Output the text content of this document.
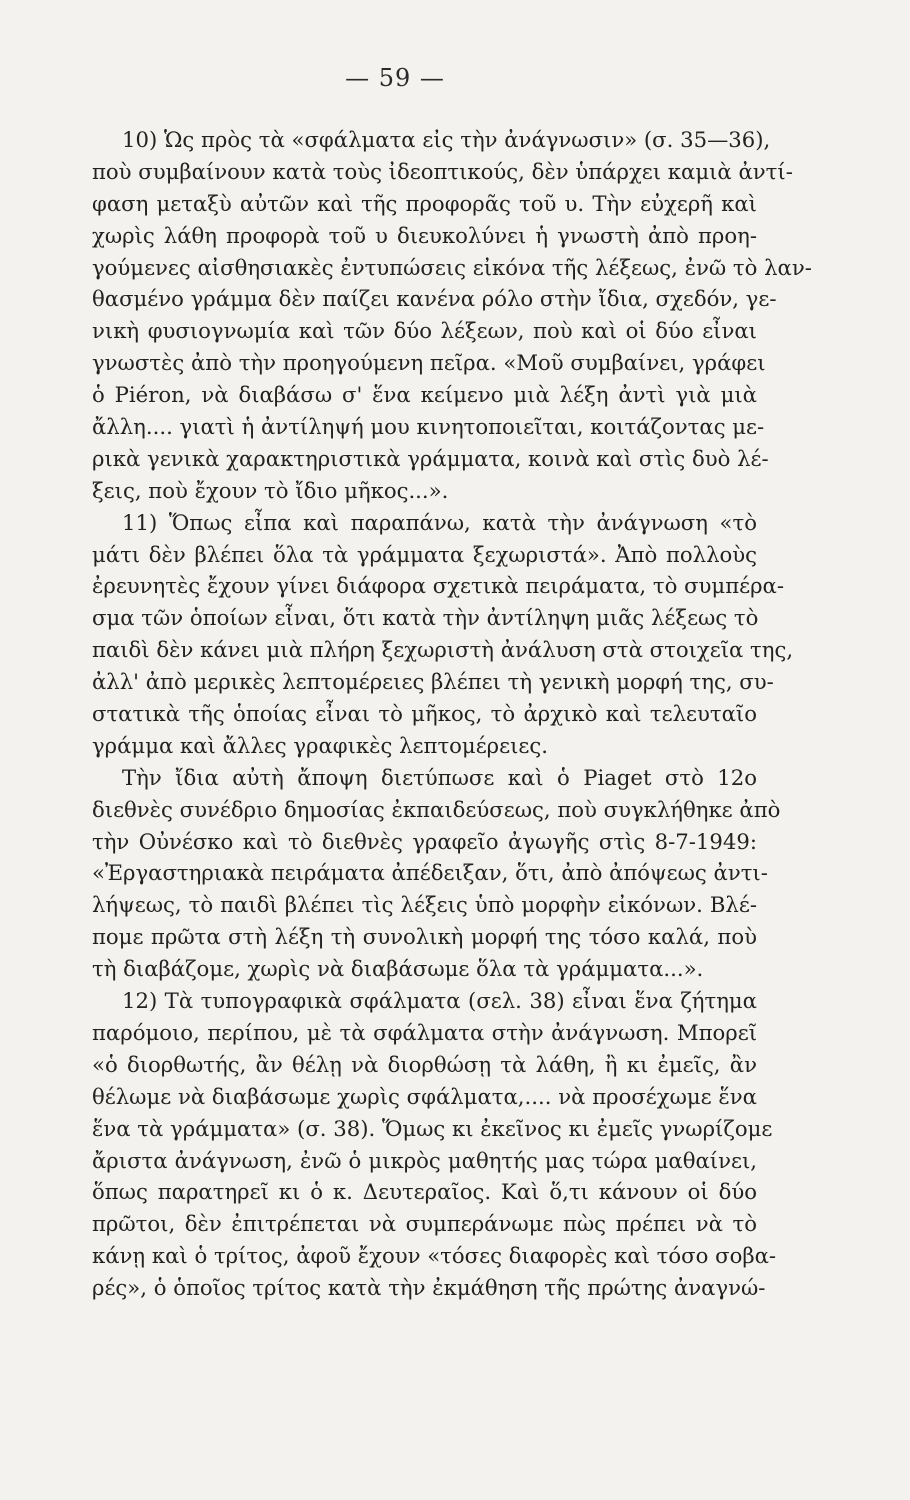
— 59 —
10) Ὡς πρὸς τὰ «σφάλματα εἰς τὴν ἀνάγνωσιν» (σ. 35—36),
ποὺ συμβαίνουν κατὰ τοὺς ἰδεοπτικούς, δὲν ὑπάρχει καμιὰ ἀντί-
φαση μεταξὺ αὐτῶν καὶ τῆς προφορᾶς τοῦ υ. Τὴν εὐχερῆ καὶ
χωρὶς λάθη προφορὰ τοῦ υ διευκολύνει ἡ γνωστὴ ἀπὸ προη-
γούμενες αἰσθησιακὲς ἐντυπώσεις εἰκόνα τῆς λέξεως, ἐνῶ τὸ λαν-
θασμένο γράμμα δὲν παίζει κανένα ρόλο στὴν ἴδια, σχεδόν, γε-
νικὴ φυσιογνωμία καὶ τῶν δύο λέξεων, ποὺ καὶ οἱ δύο εἶναι
γνωστὲς ἀπὸ τὴν προηγούμενη πεῖρα. «Μοῦ συμβαίνει, γράφει
ὁ Piéron, νὰ διαβάσω σ' ἕνα κείμενο μιὰ λέξη ἀντὶ γιὰ μιὰ
ἄλλη.... γιατὶ ἡ ἀντίληψή μου κινητοποιεῖται, κοιτάζοντας με-
ρικὰ γενικὰ χαρακτηριστικὰ γράμματα, κοινὰ καὶ στὶς δυὸ λέ-
ξεις, ποὺ ἔχουν τὸ ἴδιο μῆκος...».
11) Ὅπως εἶπα καὶ παραπάνω, κατὰ τὴν ἀνάγνωση «τὸ
μάτι δὲν βλέπει ὅλα τὰ γράμματα ξεχωριστά». Ἀπὸ πολλοὺς
ἐρευνητὲς ἔχουν γίνει διάφορα σχετικὰ πειράματα, τὸ συμπέρα-
σμα τῶν ὁποίων εἶναι, ὅτι κατὰ τὴν ἀντίληψη μιᾶς λέξεως τὸ
παιδὶ δὲν κάνει μιὰ πλήρη ξεχωριστὴ ἀνάλυση στὰ στοιχεῖα της,
ἀλλ' ἀπὸ μερικὲς λεπτομέρειες βλέπει τὴ γενικὴ μορφή της, συ-
στατικὰ τῆς ὁποίας εἶναι τὸ μῆκος, τὸ ἀρχικὸ καὶ τελευταῖο
γράμμα καὶ ἄλλες γραφικὲς λεπτομέρειες.
Τὴν ἴδια αὐτὴ ἄποψη διετύπωσε καὶ ὁ Piaget στὸ 12ο
διεθνὲς συνέδριο δημοσίας ἐκπαιδεύσεως, ποὺ συγκλήθηκε ἀπὸ
τὴν Οὐνέσκο καὶ τὸ διεθνὲς γραφεῖο ἀγωγῆς στὶς 8-7-1949:
«Ἐργαστηριακὰ πειράματα ἀπέδειξαν, ὅτι, ἀπὸ ἀπόψεως ἀντι-
λήψεως, τὸ παιδὶ βλέπει τὶς λέξεις ὑπὸ μορφὴν εἰκόνων. Βλέ-
πομε πρῶτα στὴ λέξη τὴ συνολικὴ μορφή της τόσο καλά, ποὺ
τὴ διαβάζομε, χωρὶς νὰ διαβάσωμε ὅλα τὰ γράμματα...».
12) Τὰ τυπογραφικὰ σφάλματα (σελ. 38) εἶναι ἕνα ζήτημα
παρόμοιο, περίπου, μὲ τὰ σφάλματα στὴν ἀνάγνωση. Μπορεῖ
«ὁ διορθωτής, ἂν θέλῃ νὰ διορθώσῃ τὰ λάθη, ἢ κι ἐμεῖς, ἂν
θέλωμε νὰ διαβάσωμε χωρὶς σφάλματα,.... νὰ προσέχωμε ἕνα
ἕνα τὰ γράμματα» (σ. 38). Ὅμως κι ἐκεῖνος κι ἐμεῖς γνωρίζομε
ἄριστα ἀνάγνωση, ἐνῶ ὁ μικρὸς μαθητής μας τώρα μαθαίνει,
ὅπως παρατηρεῖ κι ὁ κ. Δευτεραῖος. Καὶ ὅ,τι κάνουν οἱ δύο
πρῶτοι, δὲν ἐπιτρέπεται νὰ συμπεράνωμε πὼς πρέπει νὰ τὸ
κάνῃ καὶ ὁ τρίτος, ἀφοῦ ἔχουν «τόσες διαφορὲς καὶ τόσο σοβα-
ρές», ὁ ὁποῖος τρίτος κατὰ τὴν ἐκμάθηση τῆς πρώτης ἀναγνώ-
